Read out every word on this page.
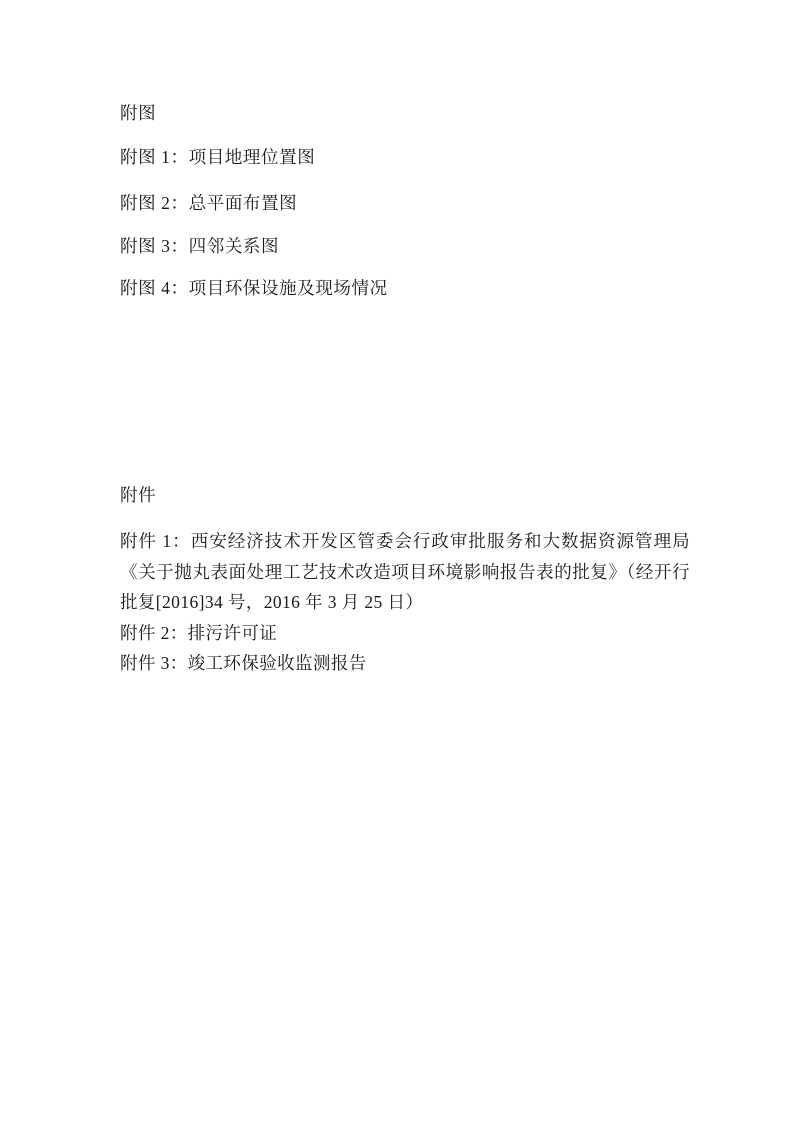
附图
附图 1：项目地理位置图
附图 2：总平面布置图
附图 3：四邻关系图
附图 4：项目环保设施及现场情况
附件

附件 1：西安经济技术开发区管委会行政审批服务和大数据资源管理局《关于抛丸表面处理工艺技术改造项目环境影响报告表的批复》（经开行批复[2016]34 号，2016 年 3 月 25 日）

附件 2：排污许可证
附件 3：竣工环保验收监测报告
